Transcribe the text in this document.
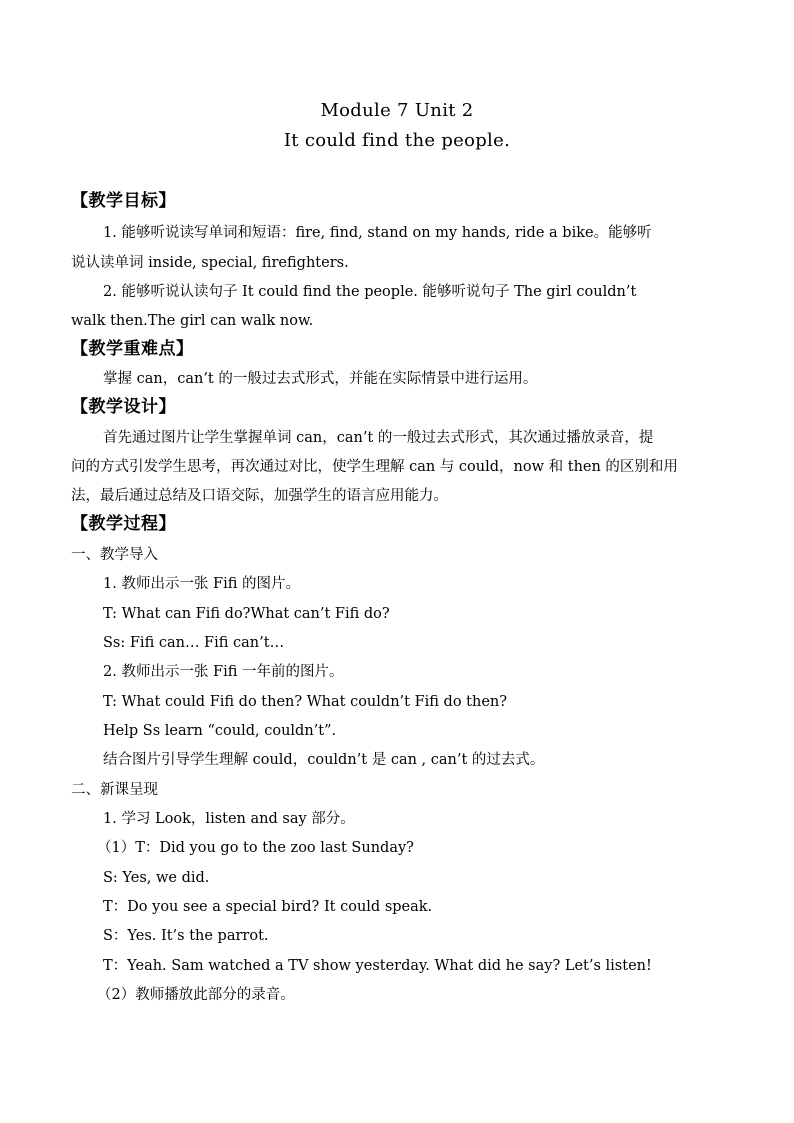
Module 7 Unit 2
It could find the people.
【教学目标】
1. 能够听说读写单词和短语：fire, find, stand on my hands, ride a bike。能够听
说认读单词 inside, special, firefighters.
2. 能够听说认读句子 It could find the people. 能够听说句子 The girl couldn’t
walk then.The girl can walk now.
【教学重难点】
掌握 can，can’t 的一般过去式形式，并能在实际情景中进行运用。
【教学设计】
首先通过图片让学生掌握单词 can，can’t 的一般过去式形式，其次通过播放录音，提
问的方式引发学生思考，再次通过对比，使学生理解 can 与 could，now 和 then 的区别和用
法，最后通过总结及口语交际，加强学生的语言应用能力。
【教学过程】
一、教学导入
1. 教师出示一张 Fifi 的图片。
T: What can Fifi do?What can’t Fifi do?
Ss: Fifi can… Fifi can’t…
2. 教师出示一张 Fifi 一年前的图片。
T: What could Fifi do then? What couldn’t Fifi do then?
Help Ss learn “could, couldn’t”.
结合图片引导学生理解 could，couldn’t 是 can , can’t 的过去式。
二、新课呈现
1. 学习 Look，listen and say 部分。
（1）T：Did you go to the zoo last Sunday?
S: Yes, we did.
T：Do you see a special bird? It could speak.
S：Yes. It’s the parrot.
T：Yeah. Sam watched a TV show yesterday. What did he say? Let’s listen!
（2）教师播放此部分的录音。
